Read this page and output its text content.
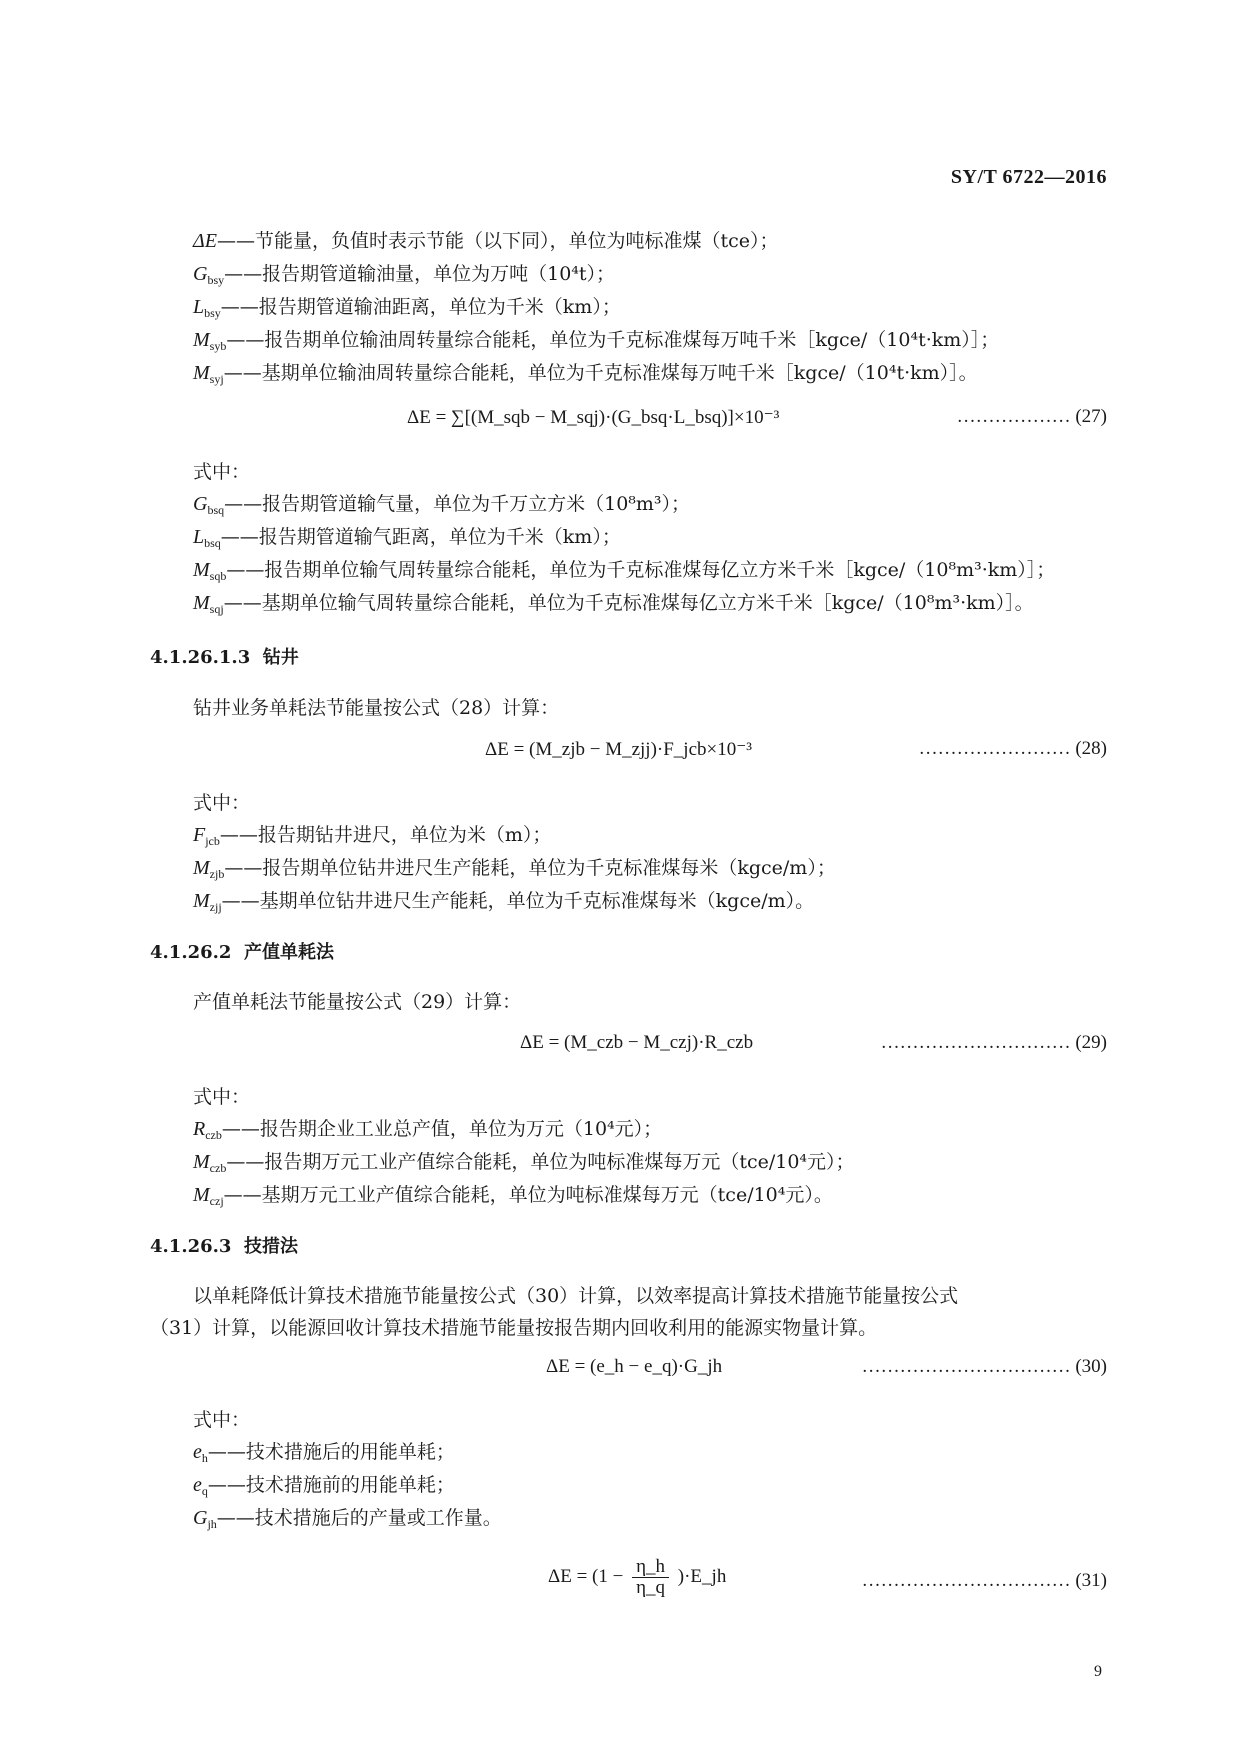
SY/T 6722—2016
ΔE——节能量，负值时表示节能（以下同），单位为吨标准煤（tce）；
$G_{bsy}——$报告期管道输油量，单位为万吨（10⁴t）；
$L_{bsy}——$报告期管道输油距离，单位为千米（km）；
$M_{syb}——$报告期单位输油周转量综合能耗，单位为千克标准煤每万吨千米［kgce/（10⁴t·km）］；
$M_{syj}——$基期单位输油周转量综合能耗，单位为千克标准煤每万吨千米［kgce/（10⁴t·km）］。
ΔE = ∑[(M_sqb − M_sqj)·(G_bsq·L_bsq)]×10⁻³	……………… (27)
式中：
$G_{bsq}——$报告期管道输气量，单位为千万立方米（10⁸m³）；
$L_{bsq}——$报告期管道输气距离，单位为千米（km）；
$M_{sqb}——$报告期单位输气周转量综合能耗，单位为千克标准煤每亿立方米千米［kgce/（10⁸m³·km）］；
$M_{sqj}——$基期单位输气周转量综合能耗，单位为千克标准煤每亿立方米千米［kgce/（10⁸m³·km）］。
4.1.26.1.3 钻井
钻井业务单耗法节能量按公式（28）计算：
ΔE = (M_zjb − M_zjj)·F_jcb×10⁻³	…………………… (28)
式中：
$F_{jcb}——$报告期钻井进尺，单位为米（m）；
$M_{zjb}——$报告期单位钻井进尺生产能耗，单位为千克标准煤每米（kgce/m）；
$M_{zjj}——$基期单位钻井进尺生产能耗，单位为千克标准煤每米（kgce/m）。
4.1.26.2 产值单耗法
产值单耗法节能量按公式（29）计算：
ΔE = (M_czb − M_czj)·R_czb	………………………… (29)
式中：
$R_{czb}——$报告期企业工业总产值，单位为万元（10⁴元）；
$M_{czb}——$报告期万元工业产值综合能耗，单位为吨标准煤每万元（tce/10⁴元）；
$M_{czj}——$基期万元工业产值综合能耗，单位为吨标准煤每万元（tce/10⁴元）。
4.1.26.3 技措法
以单耗降低计算技术措施节能量按公式（30）计算，以效率提高计算技术措施节能量按公式
（31）计算，以能源回收计算技术措施节能量按报告期内回收利用的能源实物量计算。
ΔE = (e_h − e_q)·G_jh	…………………………… (30)
式中：
$e_h——$技术措施后的用能单耗；
$e_q——$技术措施前的用能单耗；
$G_{jh}——$技术措施后的产量或工作量。
$\Delta E = (1 - \frac{\eta\_h}{\eta\_q}$ )·E_jh	…………………………… (31)
9
